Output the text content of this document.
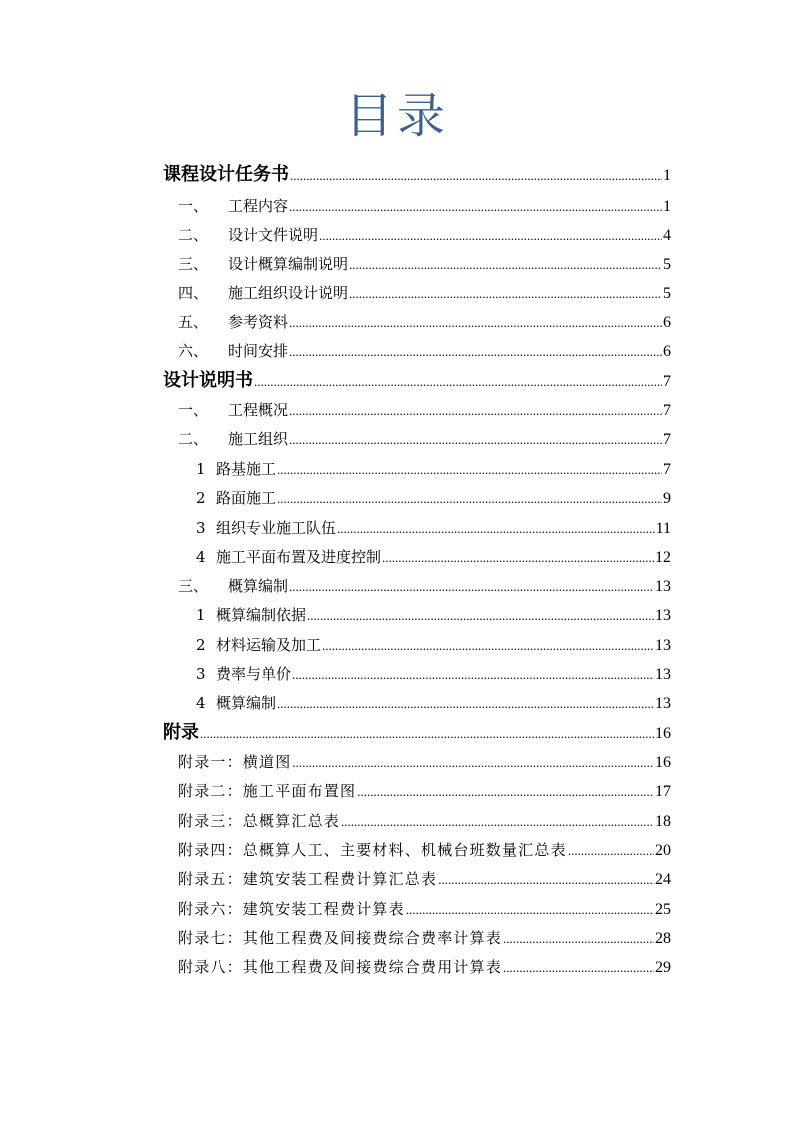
目录
课程设计任务书 .....	1
一、 工程内容 .....	1
二、 设计文件说明 .....	4
三、 设计概算编制说明 .....	5
四、 施工组织设计说明 .....	5
五、 参考资料 .....	6
六、 时间安排 .....	6
设计说明书 .....	7
一、 工程概况 .....	7
二、 施工组织 .....	7
1 路基施工 .....	7
2 路面施工 .....	9
3 组织专业施工队伍 .....	11
4 施工平面布置及进度控制 .....	12
三、 概算编制 .....	13
1 概算编制依据 .....	13
2 材料运输及加工 .....	13
3 费率与单价 .....	13
4 概算编制 .....	13
附录 .....	16
附录一：横道图 .....	16
附录二：施工平面布置图 .....	17
附录三：总概算汇总表 .....	18
附录四：总概算人工、主要材料、机械台班数量汇总表 .....	20
附录五：建筑安装工程费计算汇总表 .....	24
附录六：建筑安装工程费计算表 .....	25
附录七：其他工程费及间接费综合费率计算表 .....	28
附录八：其他工程费及间接费综合费用计算表 .....	29
